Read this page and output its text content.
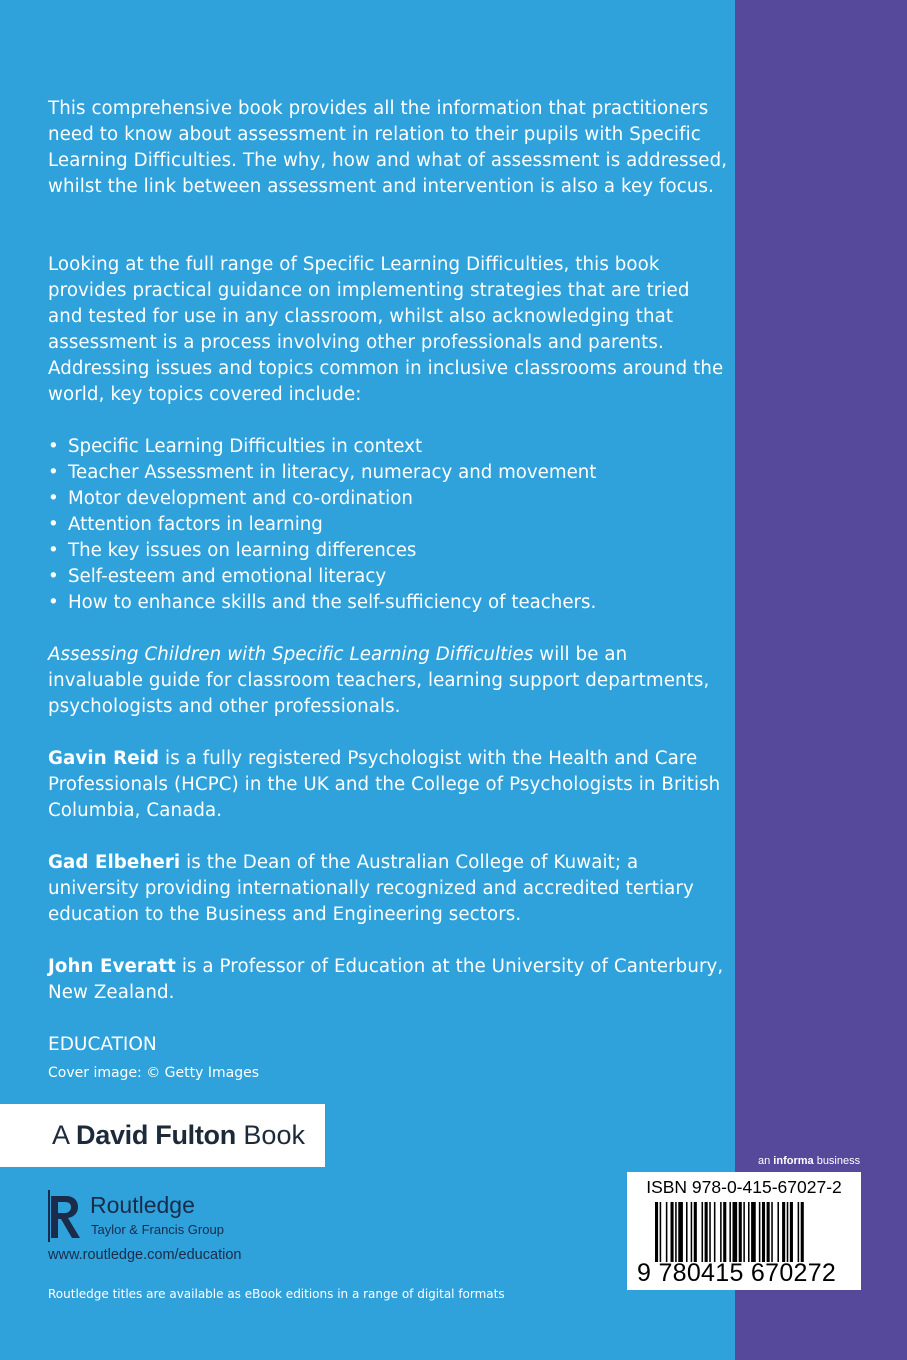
This comprehensive book provides all the information that practitioners need to know about assessment in relation to their pupils with Specific Learning Difficulties. The why, how and what of assessment is addressed, whilst the link between assessment and intervention is also a key focus.

Looking at the full range of Specific Learning Difficulties, this book provides practical guidance on implementing strategies that are tried and tested for use in any classroom, whilst also acknowledging that assessment is a process involving other professionals and parents. Addressing issues and topics common in inclusive classrooms around the world, key topics covered include:

• Specific Learning Difficulties in context
• Teacher Assessment in literacy, numeracy and movement
• Motor development and co-ordination
• Attention factors in learning
• The key issues on learning differences
• Self-esteem and emotional literacy
• How to enhance skills and the self-sufficiency of teachers.

Assessing Children with Specific Learning Difficulties will be an invaluable guide for classroom teachers, learning support departments, psychologists and other professionals.

Gavin Reid is a fully registered Psychologist with the Health and Care Professionals (HCPC) in the UK and the College of Psychologists in British Columbia, Canada.

Gad Elbeheri is the Dean of the Australian College of Kuwait; a university providing internationally recognized and accredited tertiary education to the Business and Engineering sectors.

John Everatt is a Professor of Education at the University of Canterbury, New Zealand.

EDUCATION
Cover image: © Getty Images
A David Fulton Book
Routledge
Taylor & Francis Group
www.routledge.com/education
Routledge titles are available as eBook editions in a range of digital formats
an informa business
ISBN 978-0-415-67027-2
9 780415 670272
